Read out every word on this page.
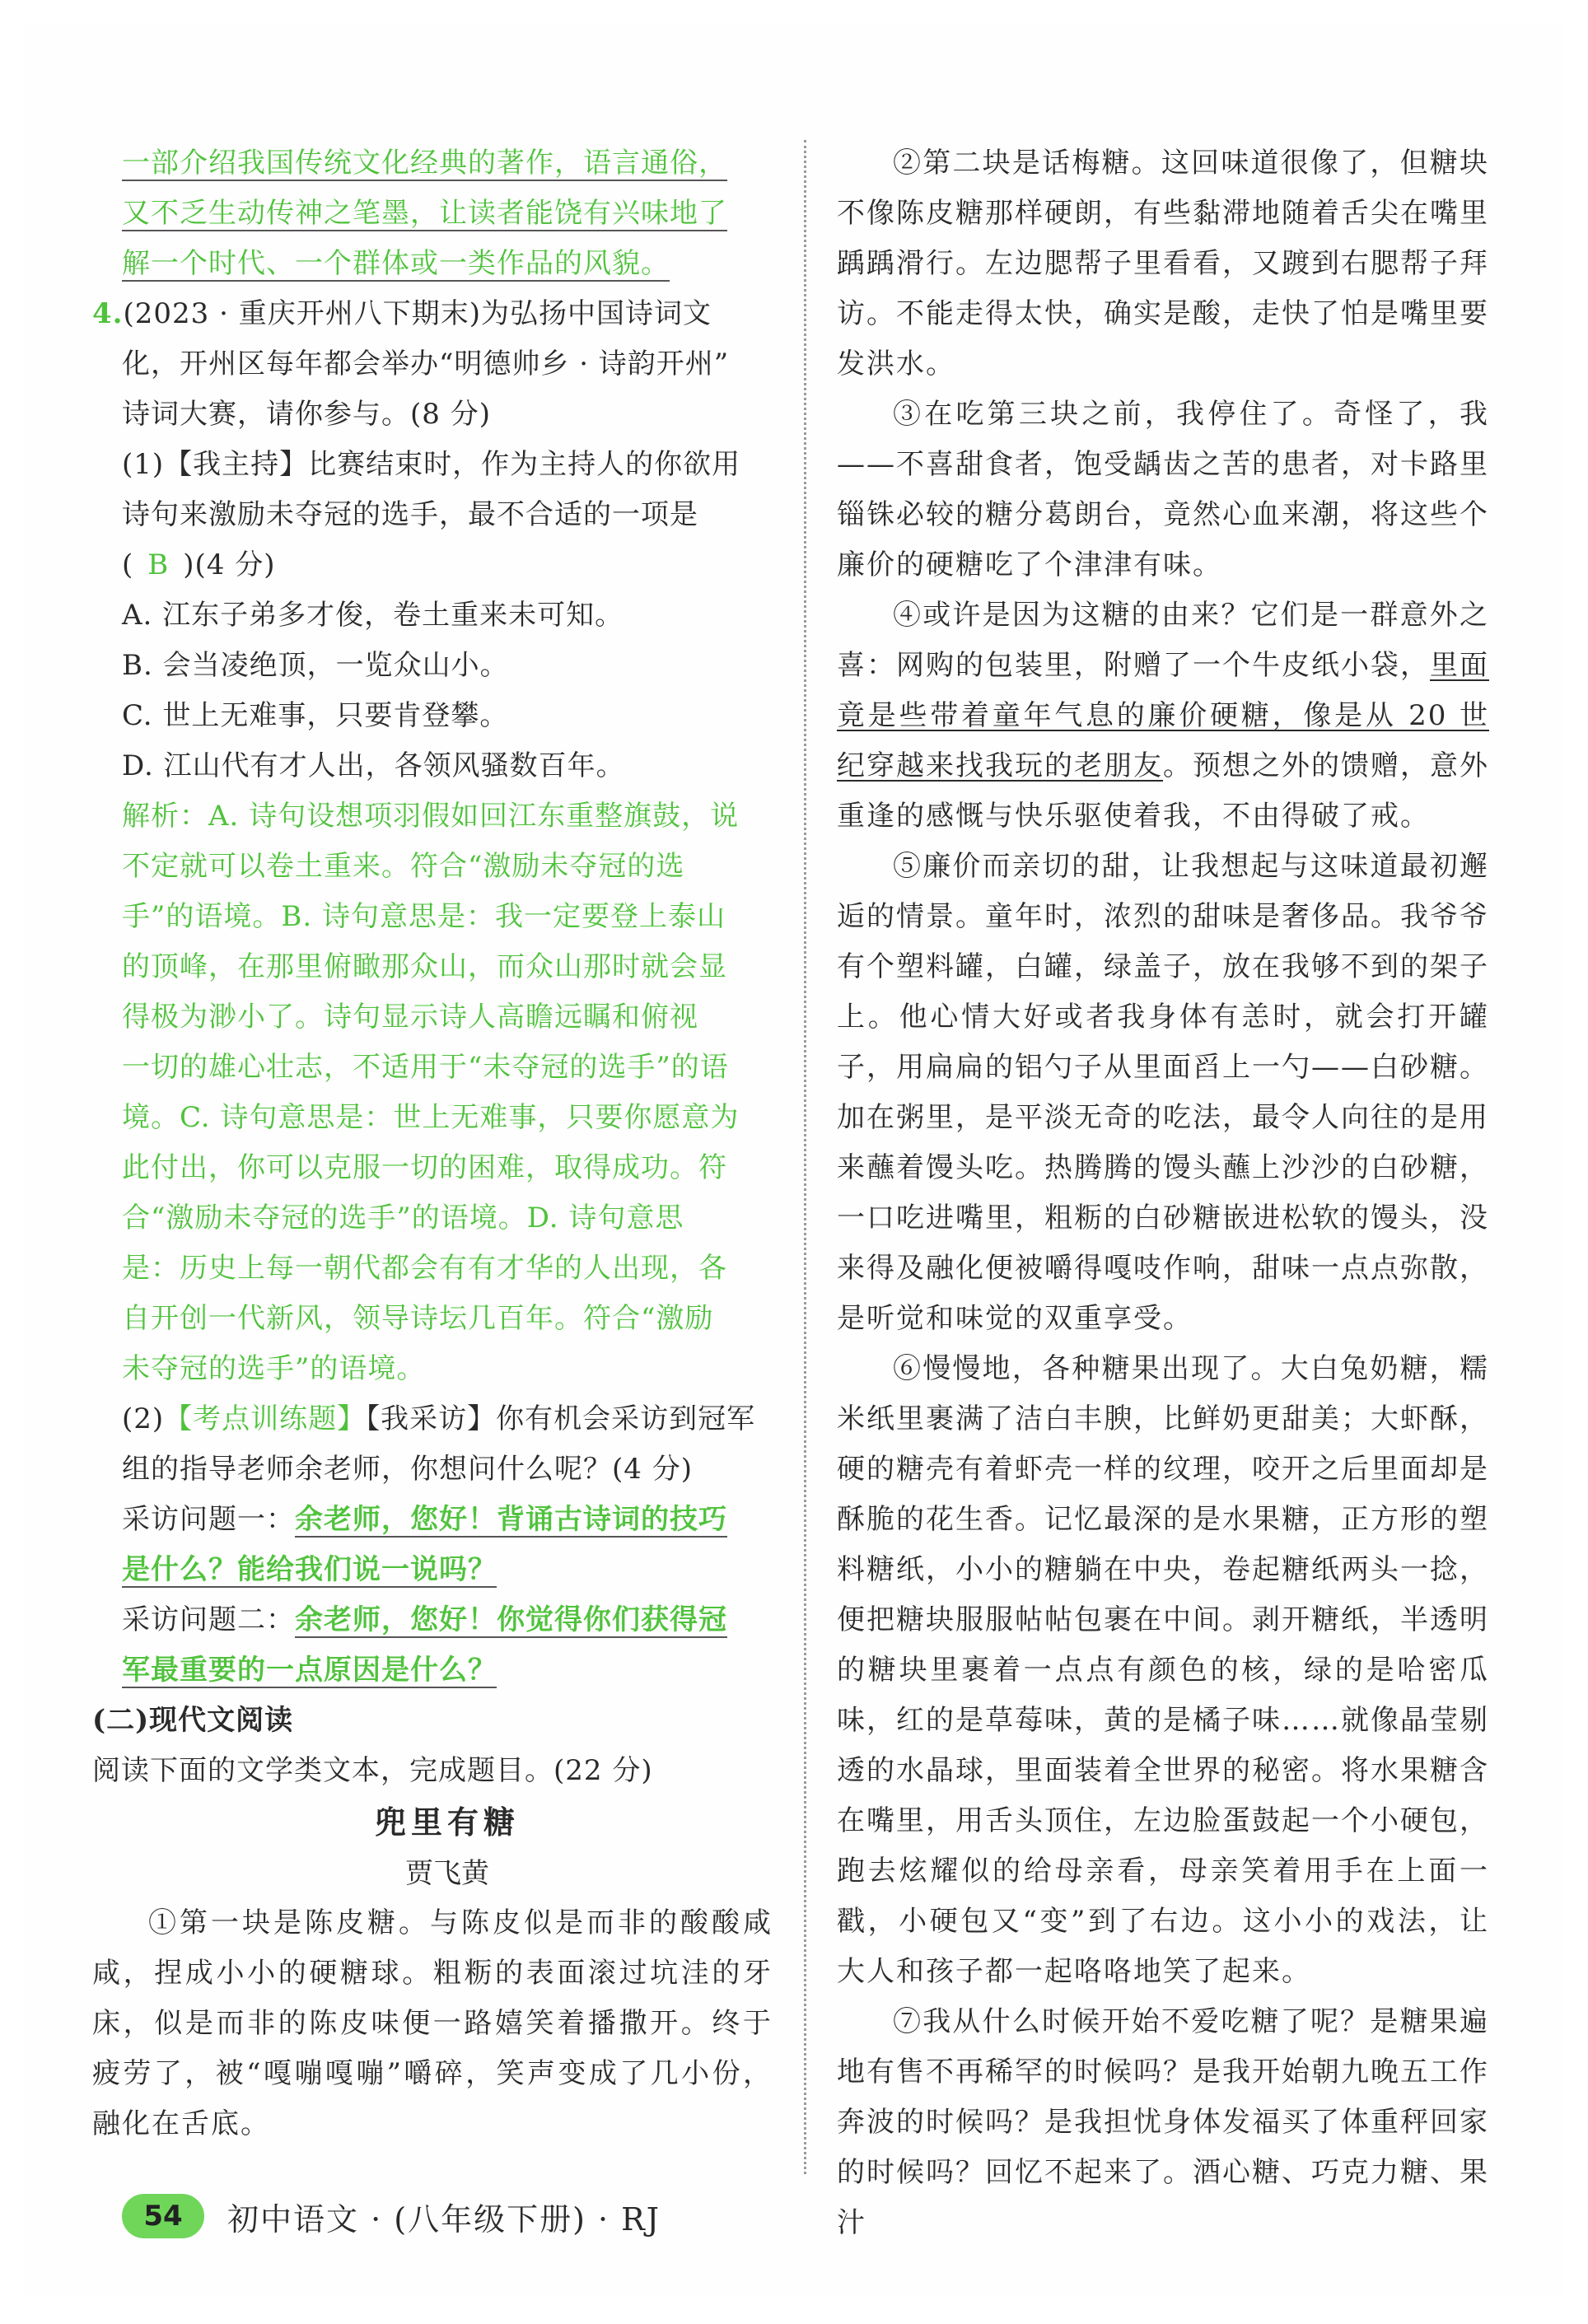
一部介绍我国传统文化经典的著作，语言通俗，
又不乏生动传神之笔墨，让读者能饶有兴味地了
解一个时代、一个群体或一类作品的风貌。
4.(2023 · 重庆开州八下期末)为弘扬中国诗词文
化，开州区每年都会举办“明德帅乡 · 诗韵开州”
诗词大赛，请你参与。(8 分)
(1)【我主持】比赛结束时，作为主持人的你欲用
诗句来激励未夺冠的选手，最不合适的一项是
( B )(4 分)
A. 江东子弟多才俊，卷土重来未可知。
B. 会当凌绝顶，一览众山小。
C. 世上无难事，只要肯登攀。
D. 江山代有才人出，各领风骚数百年。
解析：A. 诗句设想项羽假如回江东重整旗鼓，说
不定就可以卷土重来。符合“激励未夺冠的选
手”的语境。B. 诗句意思是：我一定要登上泰山
的顶峰，在那里俯瞰那众山，而众山那时就会显
得极为渺小了。诗句显示诗人高瞻远瞩和俯视
一切的雄心壮志，不适用于“未夺冠的选手”的语
境。C. 诗句意思是：世上无难事，只要你愿意为
此付出，你可以克服一切的困难，取得成功。符
合“激励未夺冠的选手”的语境。D. 诗句意思
是：历史上每一朝代都会有有才华的人出现，各
自开创一代新风，领导诗坛几百年。符合“激励
未夺冠的选手”的语境。
(2)【考点训练题】【我采访】你有机会采访到冠军
组的指导老师余老师，你想问什么呢？(4 分)
采访问题一：余老师，您好！背诵古诗词的技巧
是什么？能给我们说一说吗？
采访问题二：余老师，您好！你觉得你们获得冠
军最重要的一点原因是什么？
(二)现代文阅读
阅读下面的文学类文本，完成题目。(22 分)
兜里有糖
贾飞黄

①第一块是陈皮糖。与陈皮似是而非的酸酸咸咸，捏成小小的硬糖球。粗粝的表面滚过坑洼的牙床，似是而非的陈皮味便一路嬉笑着播撒开。终于疲劳了，被“嘎嘣嘎嘣”嚼碎，笑声变成了几小份，融化在舌底。

②第二块是话梅糖。这回味道很像了，但糖块不像陈皮糖那样硬朗，有些黏滞地随着舌尖在嘴里踽踽滑行。左边腮帮子里看看，又踱到右腮帮子拜访。不能走得太快，确实是酸，走快了怕是嘴里要发洪水。

③在吃第三块之前，我停住了。奇怪了，我——不喜甜食者，饱受龋齿之苦的患者，对卡路里锱铢必较的糖分葛朗台，竟然心血来潮，将这些个廉价的硬糖吃了个津津有味。

④或许是因为这糖的由来？它们是一群意外之喜：网购的包装里，附赠了一个牛皮纸小袋，里面竟是些带着童年气息的廉价硬糖，像是从 20 世纪穿越来找我玩的老朋友。预想之外的馈赠，意外重逢的感慨与快乐驱使着我，不由得破了戒。

⑤廉价而亲切的甜，让我想起与这味道最初邂逅的情景。童年时，浓烈的甜味是奢侈品。我爷爷有个塑料罐，白罐，绿盖子，放在我够不到的架子上。他心情大好或者我身体有恙时，就会打开罐子，用扁扁的铝勺子从里面舀上一勺——白砂糖。加在粥里，是平淡无奇的吃法，最令人向往的是用来蘸着馒头吃。热腾腾的馒头蘸上沙沙的白砂糖，一口吃进嘴里，粗粝的白砂糖嵌进松软的馒头，没来得及融化便被嚼得嘎吱作响，甜味一点点弥散，是听觉和味觉的双重享受。

⑥慢慢地，各种糖果出现了。大白兔奶糖，糯米纸里裹满了洁白丰腴，比鲜奶更甜美；大虾酥，硬的糖壳有着虾壳一样的纹理，咬开之后里面却是酥脆的花生香。记忆最深的是水果糖，正方形的塑料糖纸，小小的糖躺在中央，卷起糖纸两头一捻，便把糖块服服帖帖包裹在中间。剥开糖纸，半透明的糖块里裹着一点点有颜色的核，绿的是哈密瓜味，红的是草莓味，黄的是橘子味……就像晶莹剔透的水晶球，里面装着全世界的秘密。将水果糖含在嘴里，用舌头顶住，左边脸蛋鼓起一个小硬包，跑去炫耀似的给母亲看，母亲笑着用手在上面一戳，小硬包又“变”到了右边。这小小的戏法，让大人和孩子都一起咯咯地笑了起来。

⑦我从什么时候开始不爱吃糖了呢？是糖果遍地有售不再稀罕的时候吗？是我开始朝九晚五工作奔波的时候吗？是我担忧身体发福买了体重秤回家的时候吗？回忆不起来了。酒心糖、巧克力糖、果汁

54	初中语文 · (八年级下册) · RJ
